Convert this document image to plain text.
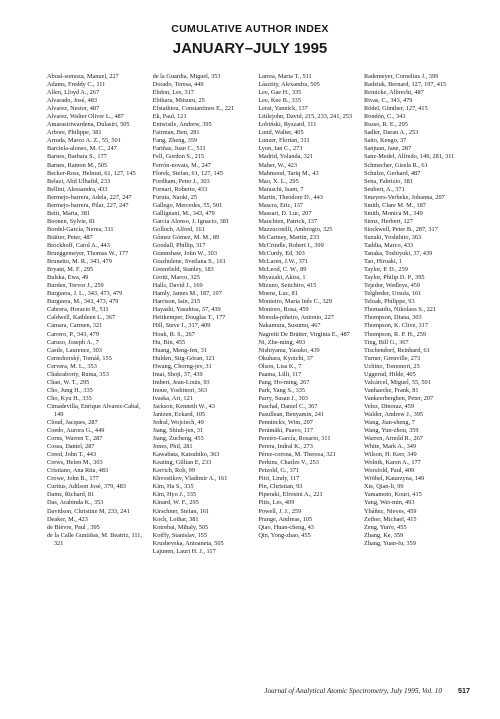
CUMULATIVE AUTHOR INDEX
JANUARY–JULY 1995
Aboal-somoza, Manuel, 227
Adams, Freddy C., 111
Allen, Lloyd A., 267
Alvarado, José, 483
Alvarez, Nestor, 487
Alvarez, Walter Oliver L., 487
Amarasiriwardena, Dulasiri, 505
Arbore, Philippe, 381
Arruda, Marco A. Z., 55, 501
Barciela-alonso, M. C., 247
Barnes, Barbara S., 177
Barnes, Ramon M., 505
Becker-Ross, Helmut, 61, 127, 145
Belazi, Abd Ulhafid, 233
Bellini, Alessandra, 433
Bermejo-barrera, Adela, 227, 247
Bermejo-barrera, Pilar, 227, 247
Betti, Maria, 381
Boonen, Sylvie, 81
Bordel-García, Nerea, 311
Brätter, Peter, 487
Brockhoff, Carol A., 443
Brueggemeyer, Thomas W., 177
Brunetto, M. R., 343, 479
Bryant, M. F., 295
Bulska, Ewa, 49
Burden, Trevor J., 259
Burguera, J. L., 343, 473, 479
Burguera, M., 343, 473, 479
Cabrera, Horacio P., 511
Caldwell, Kathleen L., 367
Cámara, Carmen, 321
Carrero, P., 343, 479
Caruso, Joseph A., 7
Castle, Laurence, 303
Cernohorský, Tomáš, 155
Cervera, M. L., 353
Chakraborty, Ruma, 353
Chan, W. T., 295
Cho, Jung H., 335
Cho, Kyu H., 335
Cimadevilla, Enrique Alvarez-Cabal, 149
Cloud, Jacques, 287
Coedo, Aurora G., 449
Corns, Warren T., 287
Cossa, Daniel, 287
Creed, John T., 443
Crews, Helen M., 303
Cristiano, Ana Rita, 483
Crowe, John B., 177
Curtius, Adilson José, 379, 483
Dams, Richard, 81
Das, Arabinda K., 353
Davidson, Christine M, 233, 241
Deaker, M., 423
de Bièvre, Paul , 395
de la Calle Guntiñas, M. Beatriz, 111, 321
de la Guardia, Miguel, 353
Dorado, Teresa, 449
Ebdon, Les, 317
Ebihara, Mitsuru, 25
Efstathiou, Constantinos E., 221
Ek, Paul, 121
Entwistle, Andrew, 395
Fairman, Ben, 281
Fang, Zheng, 359
Fariñas, Juan C., 511
Fell, Gordon S., 215
Ferrón-novais, M., 247
Florek, Stefan, 61, 127, 145
Fordham, Peter J., 303
Fornari, Roberto, 433
Furuta, Naoki, 25
Gallego, Mercedes, 55, 501
Gallignani, M., 343, 479
García Alonso, J. Ignacio, 381
Golloch, Alfred, 161
Gómez Gómez, M. M., 89
Goodall, Phillip, 317
Grannshaw, John W., 303
Grazhulene, Svetlana S., 161
Greenfield, Stanley, 183
Grotti, Marco, 325
Halls, David J., 169
Hamly, James M., 187, 197
Harrison, Iain, 215
Hayashi, Yasuhisa, 37, 439
Heitkemper, Douglas T., 177
Hill, Steve J., 317, 409
Houk, R. S., 267
Hu, Bin, 455
Huang, Meng-fen, 31
Hulden, Stig-Göran, 121
Hwang, Chorng-jev, 31
Imai, Shoji, 37, 439
Imbert, Jean-Louis, 93
Inoue, Yoshinori, 363
Ivaska, Ari, 121
Jackson, Kenneth W., 43
Jantzen, Eckard, 105
Jedral, Wojciech, 49
Jiang, Shiuh-jen, 31
Jiang, Zucheng, 455
Jones, Phil, 281
Kawabata, Katsuhiko, 363
Keating, Gillian E, 233
Kerrich, Rob, 99
Khvostikov, Vladimir A., 161
Kim, Ha S., 335
Kim, Hyo J., 335
Kinard, W. F., 295
Kirschner, Stefan, 161
Koch, Lothar, 381
Kotrebai, Mihaly, 505
Kotřly, Stanislav, 155
Krushevska, Antoaneta, 505
Lajunen, Lauri H. J., 117
Larrea, Maria T., 511
Lásztity, Alexandra, 505
Lee, Gae H., 335
Lee, Kee B., 335
Lerat, Yannick, 137
Littlejohn, David, 215, 233, 241, 253
Łobiński, Ryszard, 111
Lund, Walter, 405
Lunzer, Florian, 311
Lyon, Ian C., 273
Madrid, Yolanda, 321
Maher, W., 423
Mahmood, Tariq M., 43
Mao, X. L., 295
Maraschi, Isam, 7
Martin, Theodore D., 443
Mascra, Eric, 137
Massart, D. Luc, 207
Mauchien, Patrick, 137
Mazzucotelli, Ambrogio, 325
McCartney, Martin, 233
McCrindle, Robert I., 399
McCurdy, Ed, 303
McLaren, J.W., 371
McLeod, C. W., 89
Miyazaki, Akira, 1
Mizuno, Seiichiro, 415
Moens, Luc, 81
Monteiro, Maria Inês C., 329
Montoro, Rosa, 459
Moreda-piñeiro, Antonio, 227
Nakamura, Susumu, 467
Nagretti De Brätter, Virginia E., 487
Ni, Zhe-ming, 493
Nishiyama, Yasuko, 439
Okuhara, Kyoichi, 37
Olson, Lisa K., 7
Paama, Lilli, 117
Pang, Ho-ming, 267
Park, Yang S., 335
Parry, Susan J., 303
Paschal, Daniel C., 367
Pasullean, Benyamin, 241
Penninckx, Wim, 207
Perämäki, Paavo, 117
Pereiro-García, Rosario, 311
Perera, Indral K., 273
Pérez-corona, M. Theresa, 321
Perkins, Charles V., 253
Petzold, G., 371
Piiri, Lindy, 117
Pin, Christian, 93
Piperaki, Efrosini A., 221
Pitts, Les, 409
Powell, J. J., 259
Prange, Andreas, 105
Qiao, Huan-cheng, 43
Qin, Yong-zhao, 455
Rademeyer, Cornelius J., 399
Radziuk, Bernard, 127, 197, 415
Reinicke, Albrecht, 487
Rivas, C., 343, 479
Rödel, Günther, 127, 415
Rondón, C., 343
Russo, R. E., 295
Sadler, Daran A., 253
Saito, Kengo, 37
Sanjuan, Jane, 287
Sanz-Medel, Alfredo, 149, 281, 311
Schmecher, Gisela R., 61
Schulze, Gerhard, 487
Sena, Fabrizio, 381
Seubert, A., 371
Smeyers-Verbeke, Johanna, 207
Smith, Clare M. M., 187
Smith, Monica M., 349
Stenz, Herbert, 127
Stockwell, Peter B., 287, 317
Suzuki, Yoshihito, 363
Taddia, Marco, 433
Tanaka, Toshiyuki, 37, 439
Tao, Hiroaki, 1
Taylor, P. D., 259
Taylor, Philip D. P., 395
Tejedor, Wedleys, 459
Telgheder, Ursula, 161
Teloak, Philippe, 93
Thomaidis, Nikolaos S., 221
Thompson, Diana, 303
Thompson, K. Clive, 317
Thompson, R. P. H., 259
Ting, Bill G., 367
Tischendorf, Reinhard, 61
Turner, Grenville, 273
Uchino, Tomonori, 25
Uggerud, Hilde, 405
Valcárcel, Miguel, 55, 501
Vanhaecke, Frank, 81
Vankeerberghen, Peter, 207
Velez, Dinoraz, 459
Walder, Andrew J., 395
Wang, Jian-sheng, 7
Wang, Yun-zhou, 359
Warren, Arnold R., 267
White, Mark A., 349
Wilson, H. Kerr, 349
Wolnik, Karen A., 177
Worsfold, Paul, 409
Wröbel, Katarzyna, 149
Xie, Qian-li, 99
Yamamoto, Kouri, 415
Yang, Wei-min, 493
Ybáñez, Nieves, 459
Zeiher, Michael, 415
Zeng, Yun'e, 455
Zhang, Ke, 359
Zhang, Yuan-fu, 359
Journal of Analytical Atomic Spectrometry, July 1995, Vol. 10 517
